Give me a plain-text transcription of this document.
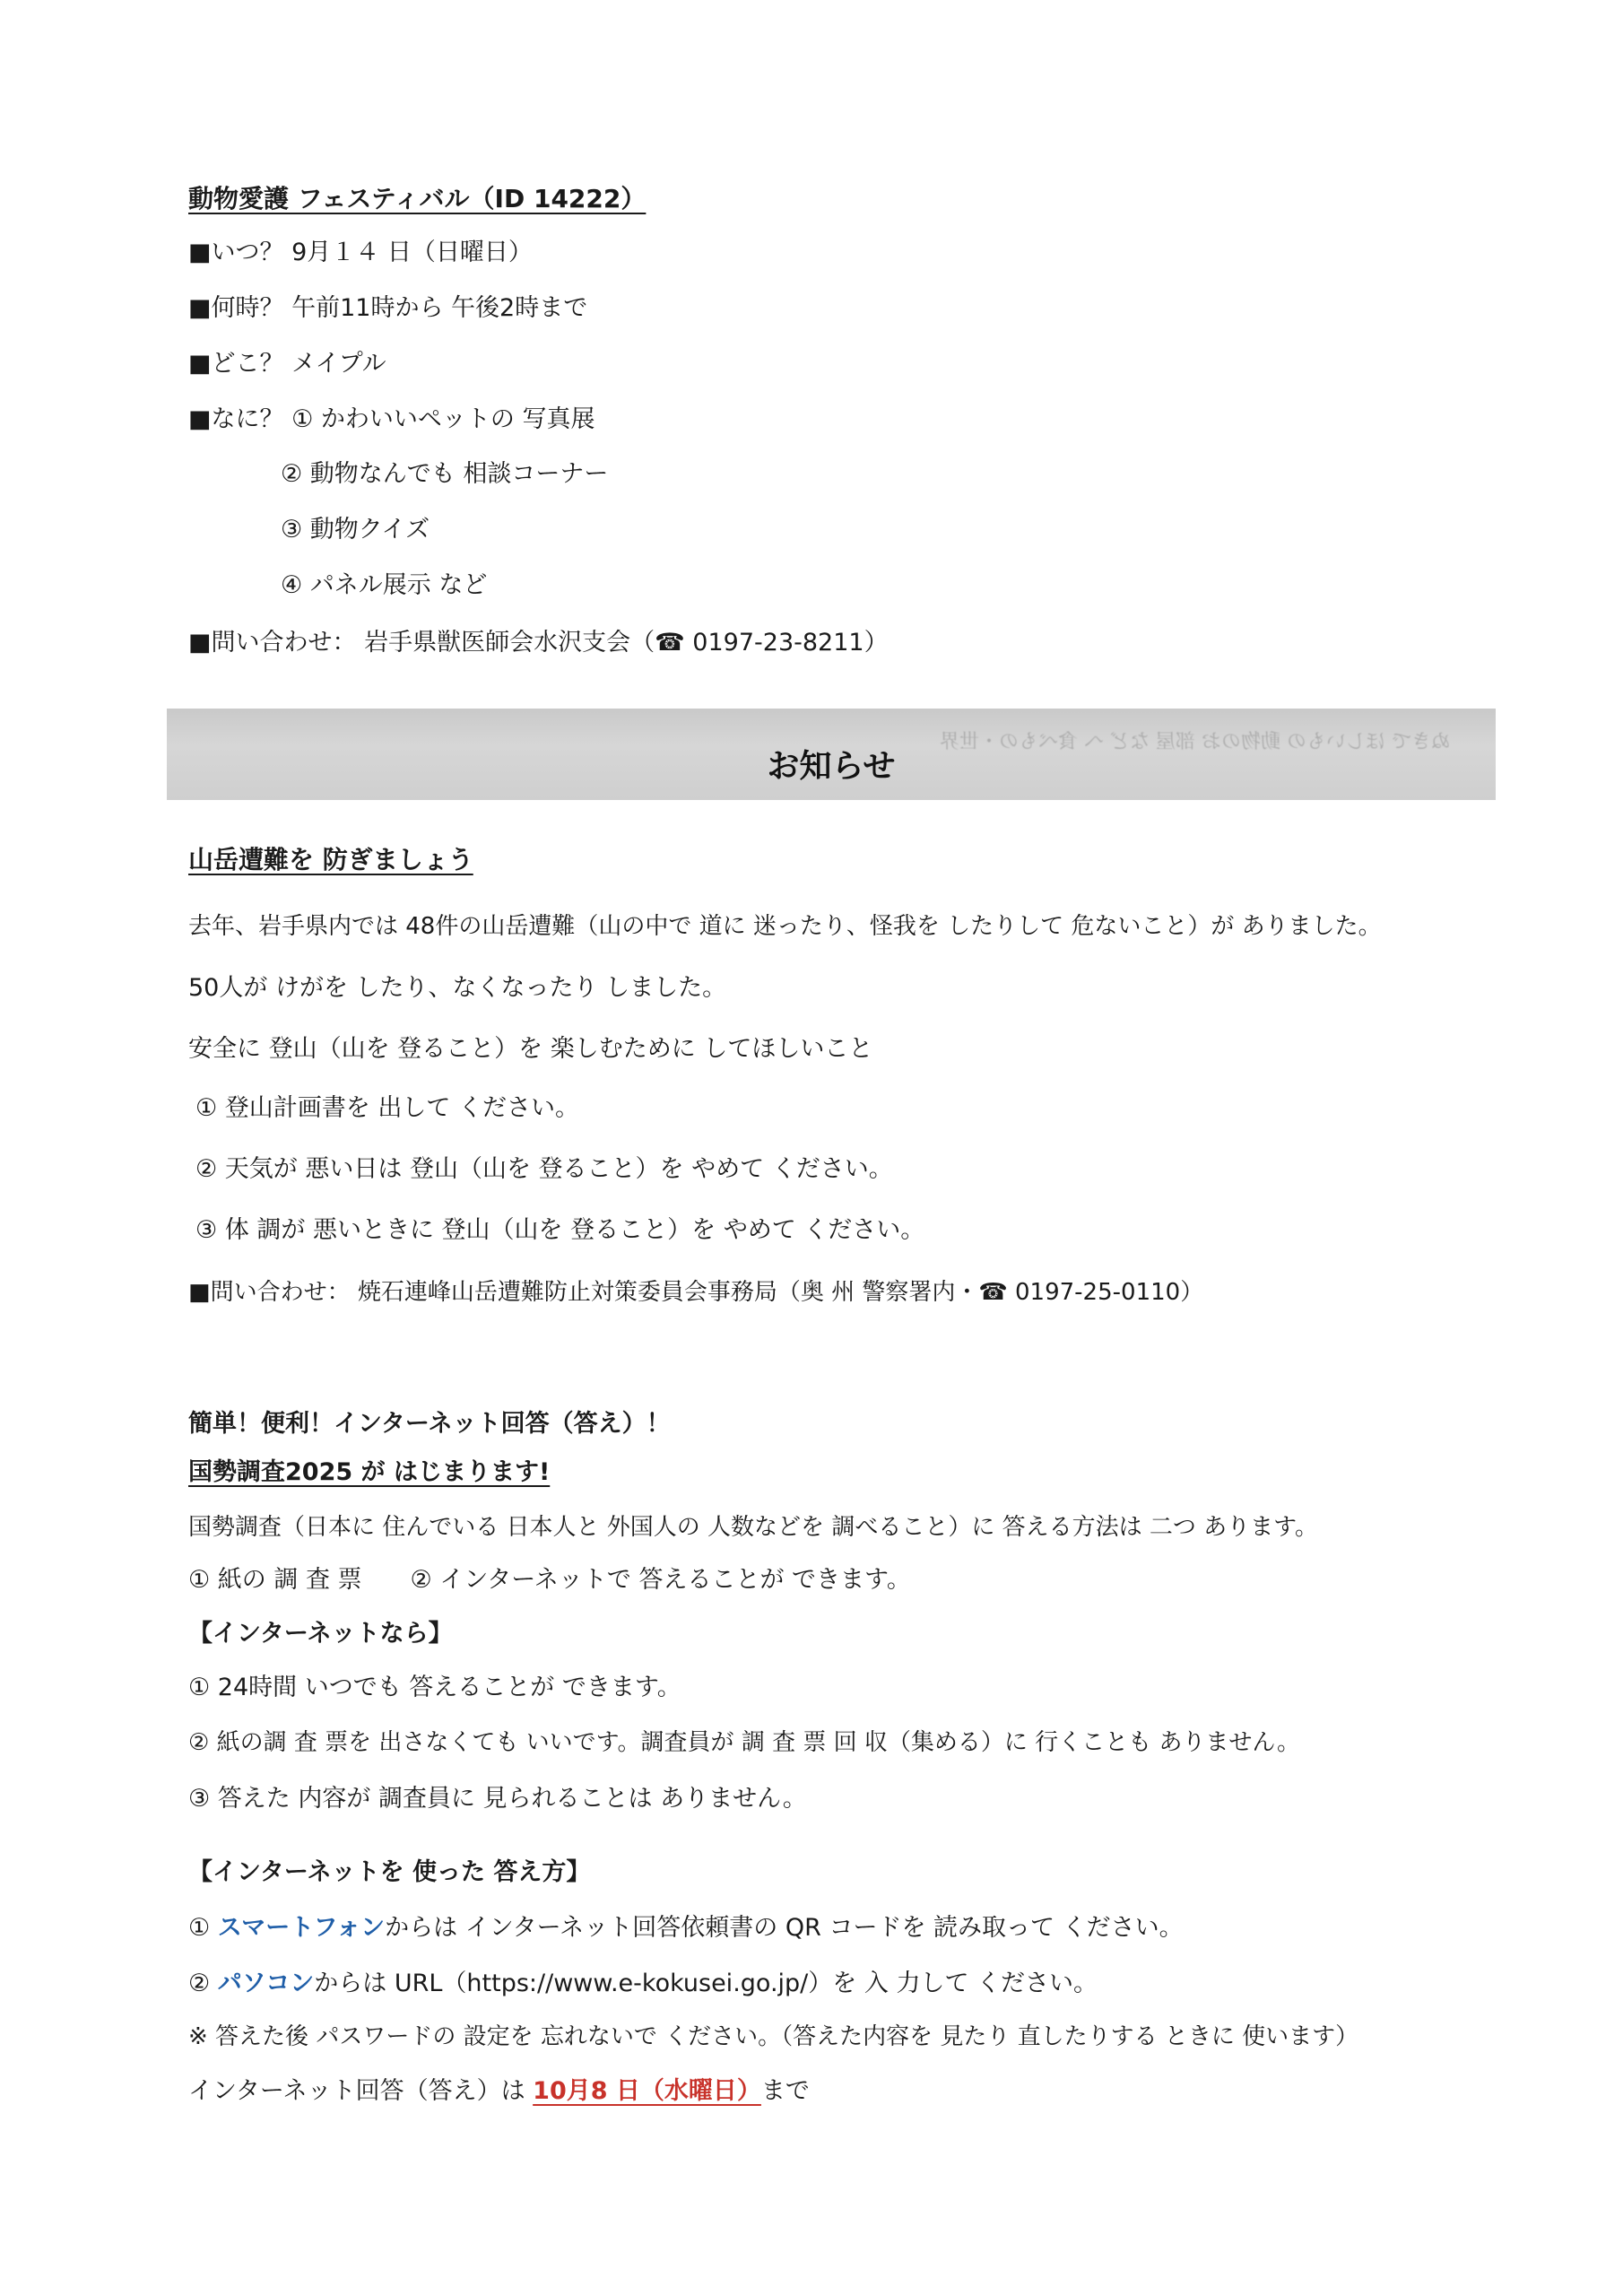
動物愛護 フェスティバル（ID 14222）
■いつ？ 9月１４ 日（日曜日）
■何時？ 午前11時から 午後2時まで
■どこ？ メイプル
■なに？ ① かわいいペットの 写真展
② 動物なんでも 相談コーナー
③ 動物クイズ
④ パネル展示 など
■問い合わせ： 岩手県獣医師会水沢支会（☎ 0197-23-8211）
ぬきで ほしいもの 動物のお 部屋 など へ 食べもの・世界
お知らせ
山岳遭難を 防ぎましょう
去年、岩手県内では 48件の山岳遭難（山の中で 道に 迷ったり、怪我を したりして 危ないこと）が ありました。
50人が けがを したり、なくなったり しました。
安全に 登山（山を 登ること）を 楽しむために してほしいこと
① 登山計画書を 出して ください。
② 天気が 悪い日は 登山（山を 登ること）を やめて ください。
③ 体 調が 悪いときに 登山（山を 登ること）を やめて ください。
■問い合わせ： 焼石連峰山岳遭難防止対策委員会事務局（奥 州 警察署内・☎ 0197-25-0110）
簡単！便利！インターネット回答（答え）！
国勢調査2025 が はじまります!
国勢調査（日本に 住んでいる 日本人と 外国人の 人数などを 調べること）に 答える方法は 二つ あります。
① 紙の 調 査 票　　② インターネットで 答えることが できます。
【インターネットなら】
① 24時間 いつでも 答えることが できます。
② 紙の調 査 票を 出さなくても いいです。調査員が 調 査 票 回 収（集める）に 行くことも ありません。
③ 答えた 内容が 調査員に 見られることは ありません。
【インターネットを 使った 答え方】
① スマートフォンからは インターネット回答依頼書の QR コードを 読み取って ください。
② パソコンからは URL（https://www.e-kokusei.go.jp/）を 入 力して ください。
※ 答えた後 パスワードの 設定を 忘れないで ください。（答えた内容を 見たり 直したりする ときに 使います）
インターネット回答（答え）は 10月8 日（水曜日）まで
